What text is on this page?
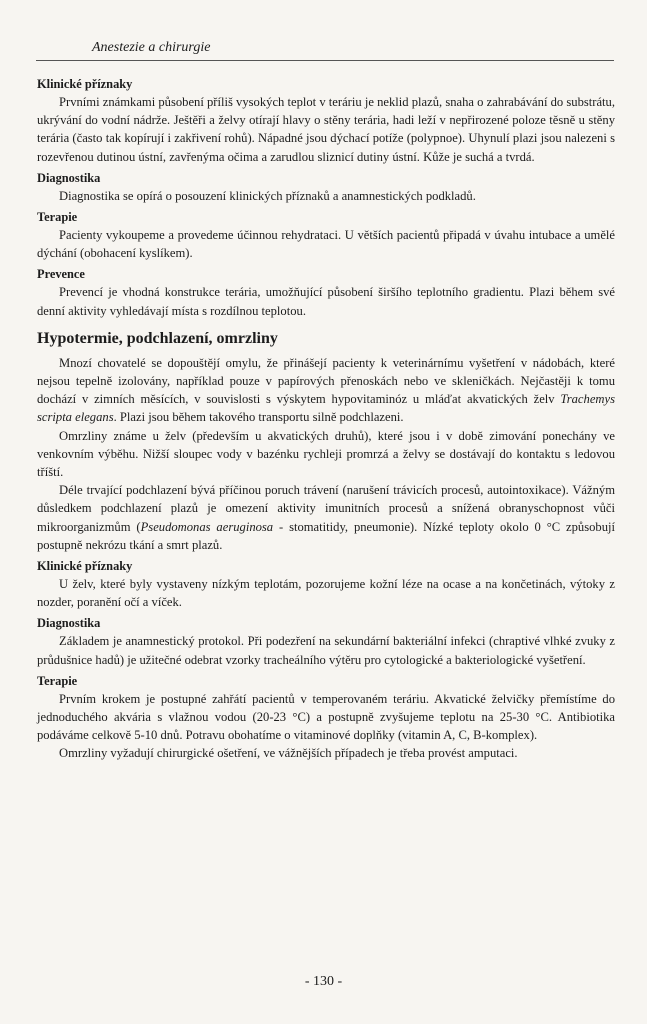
Anestezie a chirurgie
Klinické příznaky

Prvními známkami působení příliš vysokých teplot v teráriu je neklid plazů, snaha o zahrabávání do substrátu, ukrývání do vodní nádrže. Ještěři a želvy otírají hlavy o stěny terária, hadi leží v nepřirozené poloze těsně u stěny terária (často tak kopírují i zakřivení rohů). Nápadné jsou dýchací potíže (polypnoe). Uhynulí plazi jsou nalezeni s rozevřenou dutinou ústní, zavřenýma očima a zarudlou sliznicí dutiny ústní. Kůže je suchá a tvrdá.

Diagnostika

Diagnostika se opírá o posouzení klinických příznaků a anamnestických podkladů.

Terapie

Pacienty vykoupeme a provedeme účinnou rehydrataci. U větších pacientů připadá v úvahu intubace a umělé dýchání (obohacení kyslíkem).

Prevence

Prevencí je vhodná konstrukce terária, umožňující působení širšího teplotního gradientu. Plazi během své denní aktivity vyhledávají místa s rozdílnou teplotou.

Hypotermie, podchlazení, omrzliny

Mnozí chovatelé se dopouštějí omylu, že přinášejí pacienty k veterinárnímu vyšetření v nádobách, které nejsou tepelně izolovány, například pouze v papírových přenoskách nebo ve skleničkách. Nejčastěji k tomu dochází v zimních měsících, v souvislosti s výskytem hypovitaminóz u mláďat akvatických želv Trachemys scripta elegans. Plazi jsou během takového transportu silně podchlazeni.

Omrzliny známe u želv (především u akvatických druhů), které jsou i v době zimování ponechány ve venkovním výběhu. Nižší sloupec vody v bazénku rychleji promrzá a želvy se dostávají do kontaktu s ledovou tříští.

Déle trvající podchlazení bývá příčinou poruch trávení (narušení trávicích procesů, autointoxikace). Vážným důsledkem podchlazení plazů je omezení aktivity imunitních procesů a snížená obranyschopnost vůči mikroorganizmům (Pseudomonas aeruginosa - stomatitidy, pneumonie). Nízké teploty okolo 0 °C způsobují postupně nekrózu tkání a smrt plazů.

Klinické příznaky

U želv, které byly vystaveny nízkým teplotám, pozorujeme kožní léze na ocase a na končetinách, výtoky z nozder, poranění očí a víček.

Diagnostika

Základem je anamnestický protokol. Při podezření na sekundární bakteriální infekci (chraptivé vlhké zvuky z průdušnice hadů) je užitečné odebrat vzorky tracheálního výtěru pro cytologické a bakteriologické vyšetření.

Terapie

Prvním krokem je postupné zahřátí pacientů v temperovaném teráriu. Akvatické želvičky přemístíme do jednoduchého akvária s vlažnou vodou (20-23 °C) a postupně zvyšujeme teplotu na 25-30 °C. Antibiotika podáváme celkově 5-10 dnů. Potravu obohatíme o vitaminové doplňky (vitamin A, C, B-komplex).

Omrzliny vyžadují chirurgické ošetření, ve vážnějších případech je třeba provést amputaci.

- 130 -
